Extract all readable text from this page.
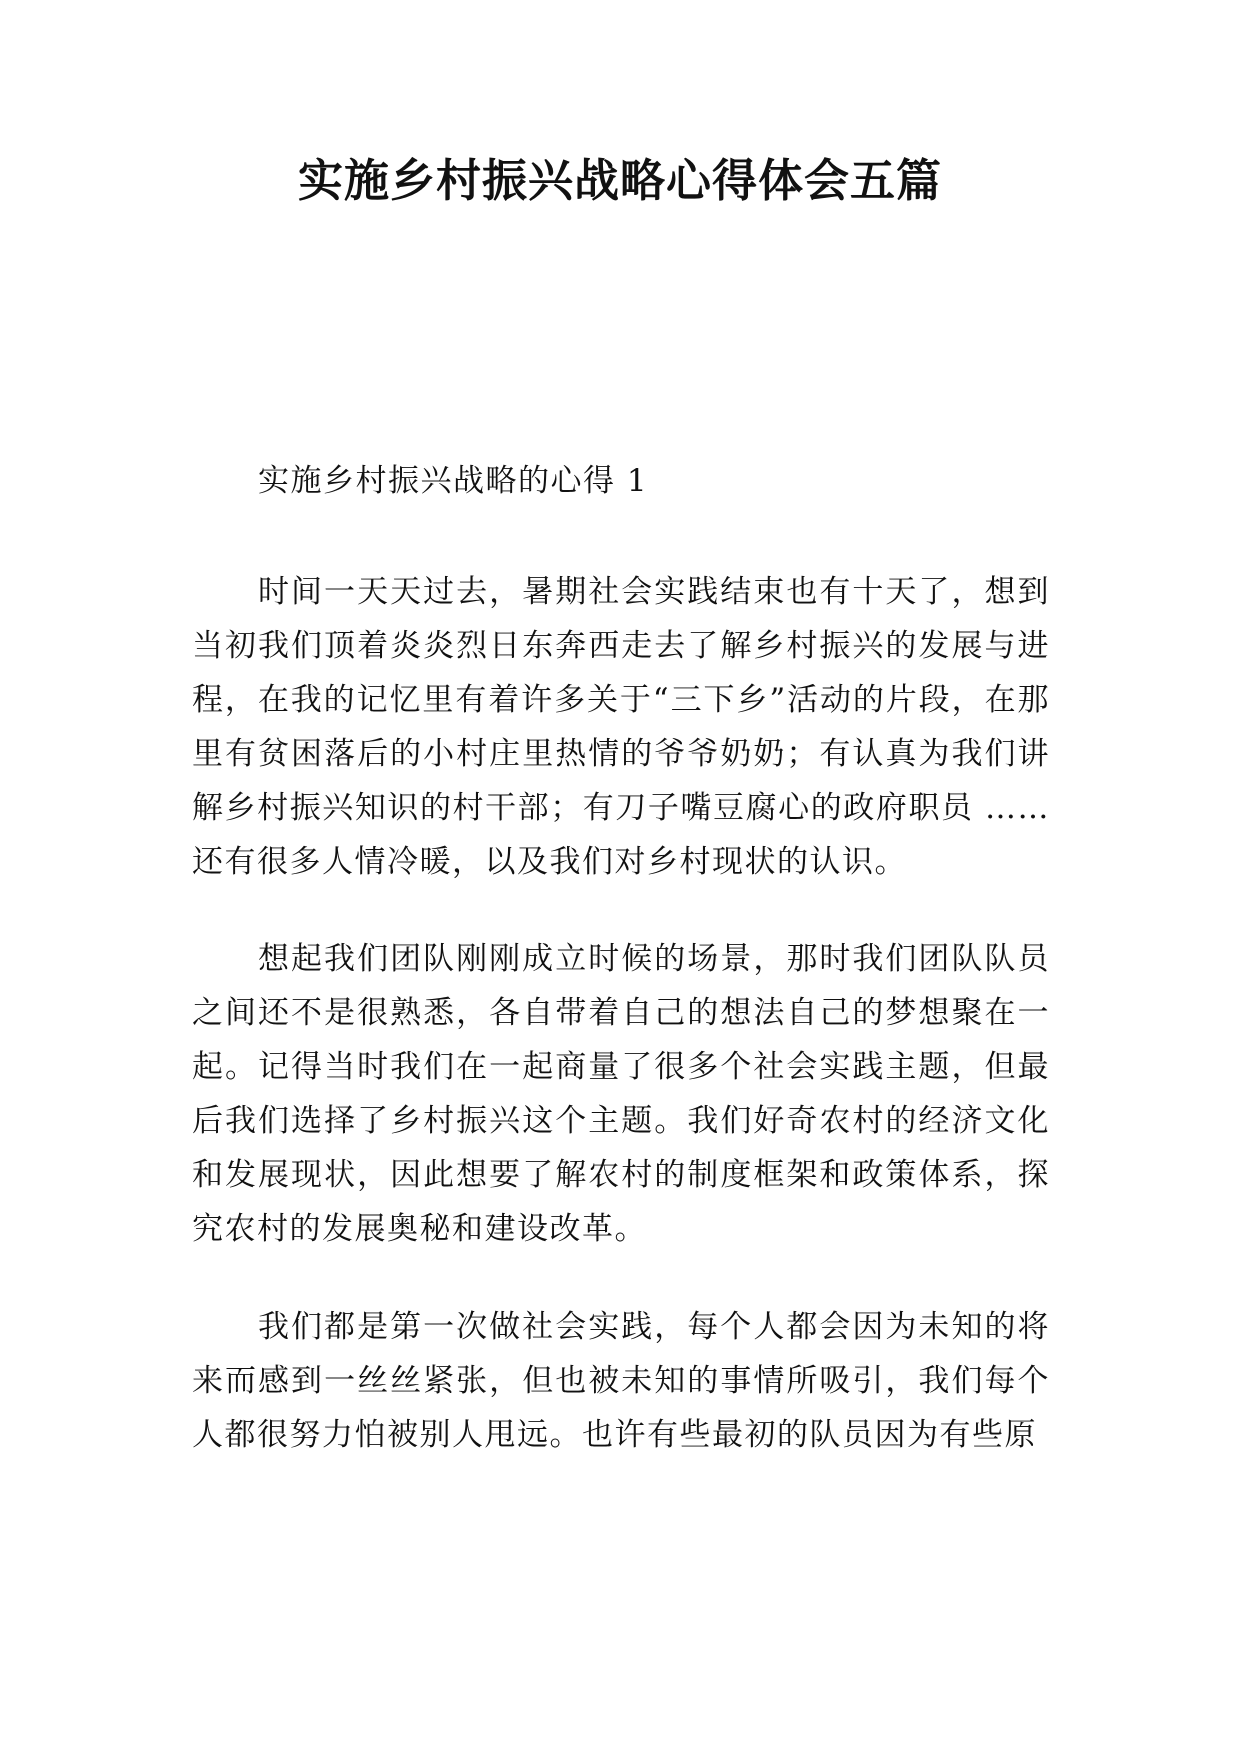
实施乡村振兴战略心得体会五篇

实施乡村振兴战略的心得 1

时间一天天过去，暑期社会实践结束也有十天了，想到当初我们顶着炎炎烈日东奔西走去了解乡村振兴的发展与进程，在我的记忆里有着许多关于“三下乡”活动的片段，在那里有贫困落后的小村庄里热情的爷爷奶奶；有认真为我们讲解乡村振兴知识的村干部；有刀子嘴豆腐心的政府职员 ……还有很多人情冷暖，以及我们对乡村现状的认识。

想起我们团队刚刚成立时候的场景，那时我们团队队员之间还不是很熟悉，各自带着自己的想法自己的梦想聚在一起。记得当时我们在一起商量了很多个社会实践主题，但最后我们选择了乡村振兴这个主题。我们好奇农村的经济文化和发展现状，因此想要了解农村的制度框架和政策体系，探究农村的发展奥秘和建设改革。

我们都是第一次做社会实践，每个人都会因为未知的将来而感到一丝丝紧张，但也被未知的事情所吸引，我们每个人都很努力怕被别人甩远。也许有些最初的队员因为有些原
